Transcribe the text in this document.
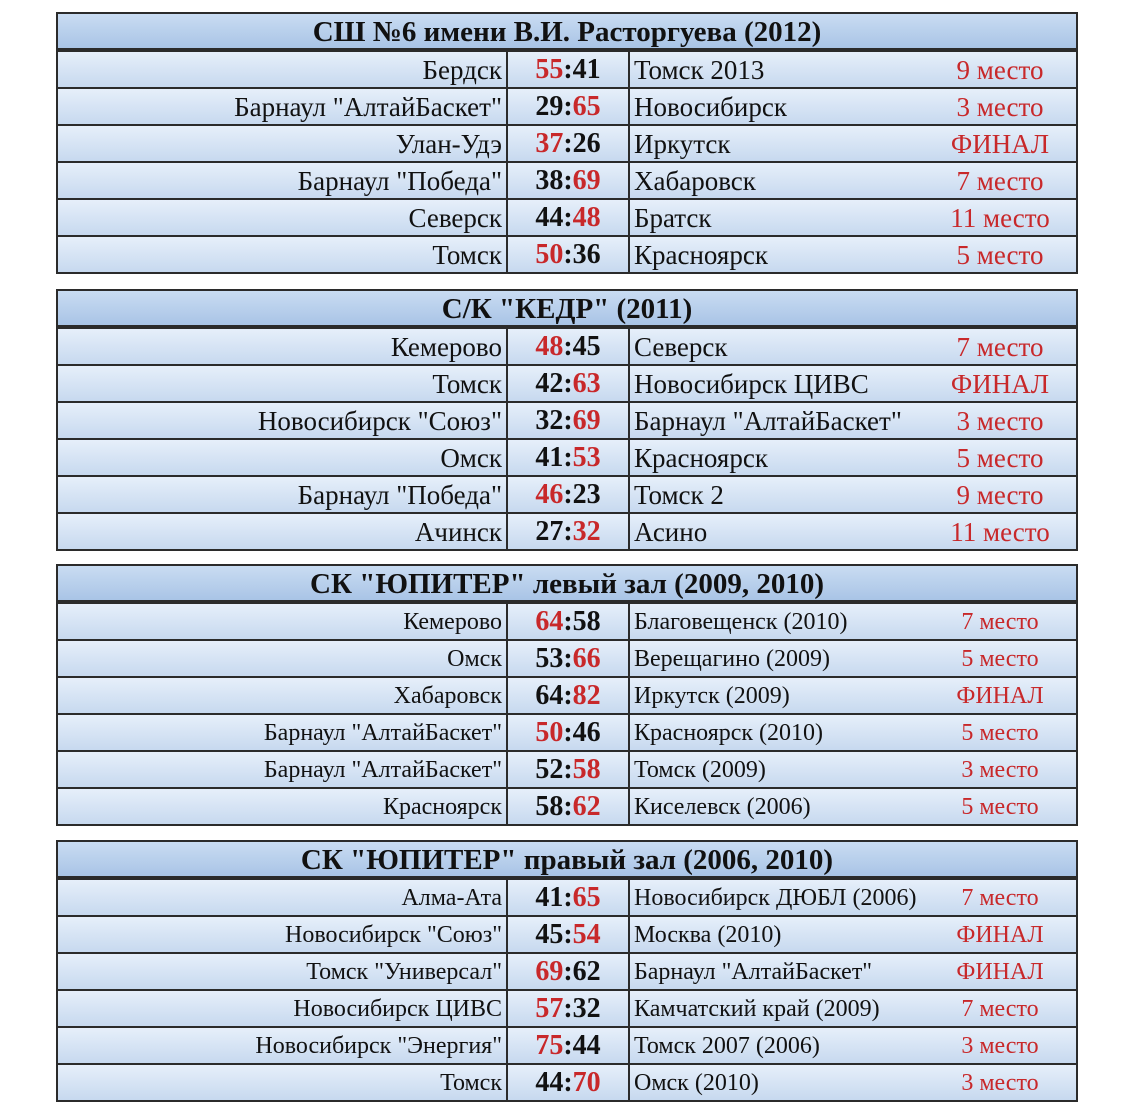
СШ №6 имени В.И. Расторгуева (2012)
Бердск	55:41	Томск 2013	9 место
Барнаул "АлтайБаскет"	29:65	Новосибирск	3 место
Улан-Удэ	37:26	Иркутск	ФИНАЛ
Барнаул "Победа"	38:69	Хабаровск	7 место
Северск	44:48	Братск	11 место
Томск	50:36	Красноярск	5 место
С/К "КЕДР" (2011)
Кемерово	48:45	Северск	7 место
Томск	42:63	Новосибирск ЦИВС	ФИНАЛ
Новосибирск "Союз"	32:69	Барнаул "АлтайБаскет"	3 место
Омск	41:53	Красноярск	5 место
Барнаул "Победа"	46:23	Томск 2	9 место
Ачинск	27:32	Асино	11 место
СК "ЮПИТЕР" левый зал (2009, 2010)
Кемерово	64:58	Благовещенск (2010)	7 место
Омск	53:66	Верещагино (2009)	5 место
Хабаровск	64:82	Иркутск (2009)	ФИНАЛ
Барнаул "АлтайБаскет"	50:46	Красноярск (2010)	5 место
Барнаул "АлтайБаскет"	52:58	Томск (2009)	3 место
Красноярск	58:62	Киселевск (2006)	5 место
СК "ЮПИТЕР" правый зал (2006, 2010)
Алма-Ата	41:65	Новосибирск ДЮБЛ (2006)	7 место
Новосибирск "Союз"	45:54	Москва (2010)	ФИНАЛ
Томск "Универсал"	69:62	Барнаул "АлтайБаскет"	ФИНАЛ
Новосибирск ЦИВС	57:32	Камчатский край (2009)	7 место
Новосибирск "Энергия"	75:44	Томск 2007 (2006)	3 место
Томск	44:70	Омск (2010)	3 место
